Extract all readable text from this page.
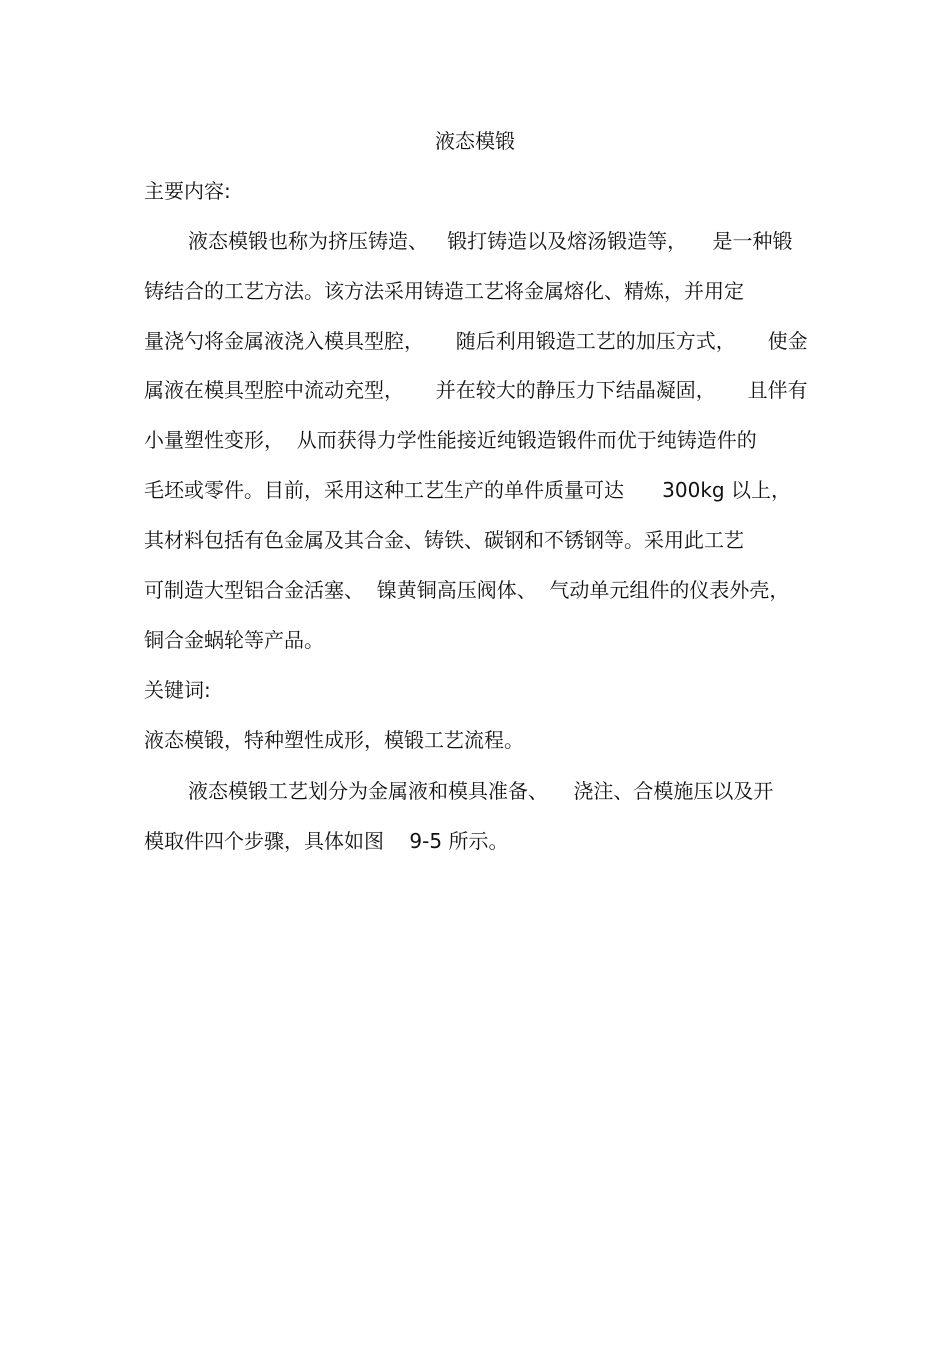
液态模锻
主要内容:
液态模锻也称为挤压铸造、   锻打铸造以及熔汤锻造等，    是一种锻
铸结合的工艺方法。该方法采用铸造工艺将金属熔化、精炼，并用定
量浇勺将金属液浇入模具型腔，     随后利用锻造工艺的加压方式，     使金
属液在模具型腔中流动充型，     并在较大的静压力下结晶凝固，     且伴有
小量塑性变形，  从而获得力学性能接近纯锻造锻件而优于纯铸造件的
毛坯或零件。目前，采用这种工艺生产的单件质量可达      300kg 以上，
其材料包括有色金属及其合金、铸铁、碳钢和不锈钢等。采用此工艺
可制造大型铝合金活塞、  镍黄铜高压阀体、  气动单元组件的仪表外壳，
铜合金蜗轮等产品。
关键词:
液态模锻，特种塑性成形，模锻工艺流程。
液态模锻工艺划分为金属液和模具准备、    浇注、合模施压以及开
模取件四个步骤，具体如图    9-5 所示。
